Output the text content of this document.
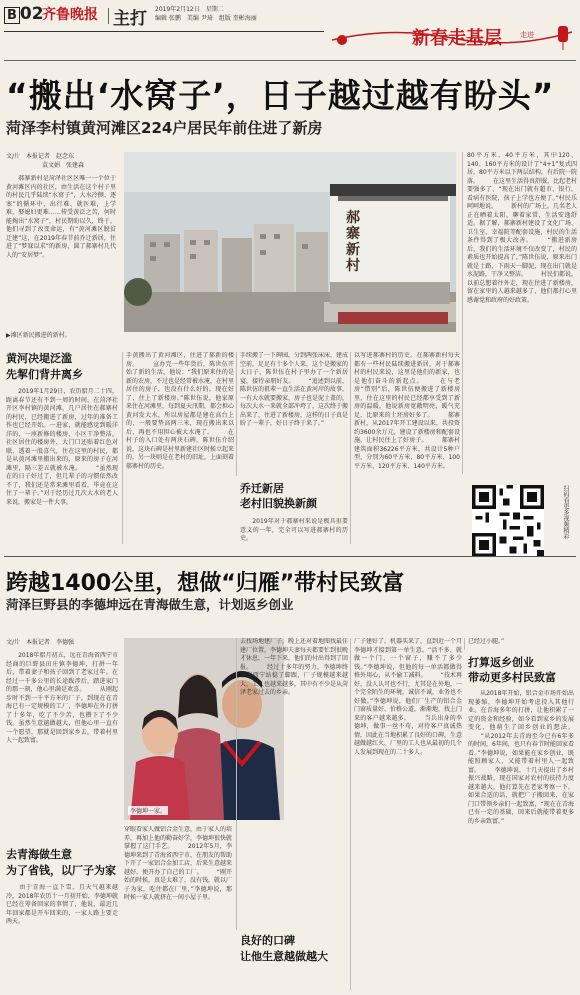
B 02
齐鲁晚报 主打 2019年2月12日　星期二
编辑 张鹏　美编 尹琦　组版 奎彬海丽
新春走基层	走进
“搬出‘水窝子’，日子越过越有盼头”
菏泽李村镇黄河滩区224户居民年前住进了新房
文/片　本报记者　赵念东
　　　　　　袁文娟　张建森
　　郝寨新村是菏泽社区区唯一一个位于黄河滩区内的社区，由生活在这个村子里的村民几乎陆续“水窝子”，大水冷侧、逐塞”的循环中，出行难、就医难，上学难，娶媳妇更难……传受黄泛之苦，何时能掏出“水窝子”，村民期盼以久，终于，他们寻到了改变命运，有“黄河滩区脱贫迁建”这，在2019年春节前乔迁新居，住进了“梦寐以求”的新房，圆了郝寨村几代人的“安居梦”。
郝寨新村
▶滩区新民搬进的新村。
80平方米、40平方米，其中120、140、160平方米的设计了“4+1”复式四居，80平方米以下两层结构，有后院一院落。 　　在这里生活得真舒服，比起老村要强多了，“现在出门就有超市、银行，看病有医院，孩子上学也方便了。”村民乐呵呵地说。 　　新村的广场上，几名老人正在晒着太阳，聊着家常，生活安逸舒适。据了解，郝寨新村建设了文化广场、卫生室、幸福院等配套设施，村民的生活条件得到了极大改善。 　　“搬进新房后，我们的生活环境不仅改变了，村民的素质也开始提高了，”陈世伍说，原来出门就是土路，下雨天一脚泥，现在出门就是水泥路，干净又整洁。 　　村民们都说，以前总想着往外走，现在住进了新楼房，留在家里的人越来越多了，他们都打心里感谢党和政府的好政策。
黄河决堤泛滥
先挈们背井离乡
　　2019年1月29日，农历腊月二十四，距离春节还有不到一周的时间，在菏泽社开区李村镇的黄河滩，几户居住在郝寨村的村民，已经搬进了新房，过年的准备工作也已经开始。一进家，就能感觉到暖洋洋的，一座新修的楼房，小区干净整洁，社区居住的楼房外，大门口还贴着红色对联，透着一股喜气，住在这里的村民，都是从黄河滩里搬出来的，原来的房子在河滩里，隔三差五就被水淹。 　　“虽然现在的日子好过了，但几辈子的习惯依然改不了，我们还是常来滩里看看，毕竟在这住了一辈子。”对于经历过几次大水的老人来说，搬家是一件大事。
手黄搬出了黄河滩区，住进了郝新的楼房。 　　宣办完一些年货后，陈世伍开始了新的生活，他说：“我们原来住的是新的农房，不过也是经常被水淹，在村里居住的房子，也没有什么好的。现在好了，住上了新楼房。”陈世伍说，他家原来住在河滩里，每到夏天汛期，都会担心黄河发大水，所以房屋都是建在高台上的，一般要垫高两三米，现在搬出来以后，再也不用担心被大水淹了。 　　在村子的入口处有两块石碑，陈世伍介绍说，这块石碑是村里新建社区时候立起来的，另一块则是在老村的旧址，上面刻着郝寨村的历史。
手续搬了一下碑园，分到两张床床，建成空前，足足有十多个人来，这个是搬家的大日子，陈世伍在村子里办了一个新居宴，接待亲朋好友。 　　“追述到以前，陈世伍的祖辈一直生活在黄河岸的故事，一有大水就要搬家，房子也是泥土盖的，每次大水一来就全部冲垮了，这次终于搬出来了，住进了新楼房，这样的日子真是盼了一辈子，好日子终于来了。”
乔迁新居
老村旧貌换新颜
　　2019年对于郝寨村来说是极具重要意义的一年，完全可以写进郝寨村的历史。
以写进郝寨村的历史。在郝寨新村每天都有一些村民陆续搬进新居，对于郝寨村的村民来说，这里是他们的新家，也是他们奋斗的新起点。 　　在与老房“惜别”后，陈世伍便搬进了新楼房里，住在这里的村民已经都享受到了新房的温暖，他说新房宽敞明亮，暖气充足，比原来的土坯房好多了。 　　郝寨新村，从2017年开工建设以来，共投资约3600余万元，建设了新楼房和配套设施，让村民住上了好房子。 　　郝寨村建筑面积36226平方米，共设计5种户型，分别为60平方米、80平方米、100平方米、120平方米、140平方米。
扫码看更多视频精彩
跨越1400公里，想做“归雁”带村民致富
菏泽巨野县的李德坤远在青海做生意，计划返乡创业
文/片　本报记者　李德强
　　2018年腊月初五，远在青海省西宁市经商的巨野县田庄镇李德坤，打拼一年后，带着妻子和孩子回到了老家过年。在经过一千多公里的长途跋涉后，踏进家门的那一刻，他心里满是欢喜。 　　从刚起步时不到一千平方米的厂子，到现在在青海已有一定规模的工厂，李德坤在外打拼了十多年，吃了不少苦，也攒下了不少钱。虽然生意越做越大，但他心里一直有一个愿望，那就是回到家乡去，带着村里人一起致富。
去青海做生意
为了省钱，以厂子为家
　　由于青海一直下雪，且天气越来越冷，2018年农历十一月初开始，李德坤就已经在筹备回家的事情了，他说，最近几年回家都是开车回来的，一家人路上要走两天。
李德坤一家。
穿眼看家人做铝合金生意，由于家人的培养，再加上他的勤奋好学，李德坤很快就掌握了这门手艺。 　　2012年5月，李德坤来到了青海省西宁市，在朋友的帮助下开了一家铝合金加工店，后来生意越来越好，便开办了自己的工厂。 　　“刚开始的时候，真是太难了，没有钱，就以厂子为家，吃住都在厂里，”李德坤说，那时候一家人就挤在一间小屋子里。
去找场地建厂子，晚上还对着地图找最佳建厂位置，李德坤夫妻每天都要忙到很晚才休息，一年下来，他们的付出得到了回报。 　　经过十多年的努力，李德坤终于在西宁站稳了脚跟，厂子规模越来越大，工人也越来越多，其中有不少是从菏泽老家过去的乡亲。
良好的口碑
让他生意越做越大
厂子建好了，机器买来了，直到近一个月李德坤才接到第一单生意。“活不多，就做一个门，一个窗子，赚不了多少钱。”李德坤说，但他的每一单活都做得格外用心，从不偷工减料。 　　“技术再好，没人认可也不行，尤其是在外地，一个完全陌生的环境，诚信不诚，业务也不好做。”李德坤说，他们厂生产的铝合金门窗质量好、价格公道，渐渐地，找上门来的客户越来越多。 　　当兵出身的李德坤，做事一丝不苟，对待客户真诚热情，因此在当地积累了良好的口碑，生意越做越红火，厂里的工人也从最初的几个人发展到现在的二十多人。
已经过小腿。”
打算返乡创业
带动更多村民致富
　　从2018年开始，铝合金市场开始出现萎缩，李德坤开始考虑投入其他行业。在青海多年的打拼，让他积累了一定的资金和经验，如今看到家乡的发展变化，他萌生了回乡创业的想法。 　　“从2012年去青海至今已有6年多的时间，6年间，也只有春节时能回家看看。”李德坤说，如果能在家乡创业，既能照顾家人，又能带着村里人一起致富。 　　李德坤说，十几天提出了乡村振兴战略，现在国家对农村的扶持力度越来越大，他打算先在老家考察一下，如果合适的话，就把厂子搬回来，在家门口带领乡亲们一起致富，“现在在青海已有一定的基础，回来后就能带着更多的乡亲致富。”
